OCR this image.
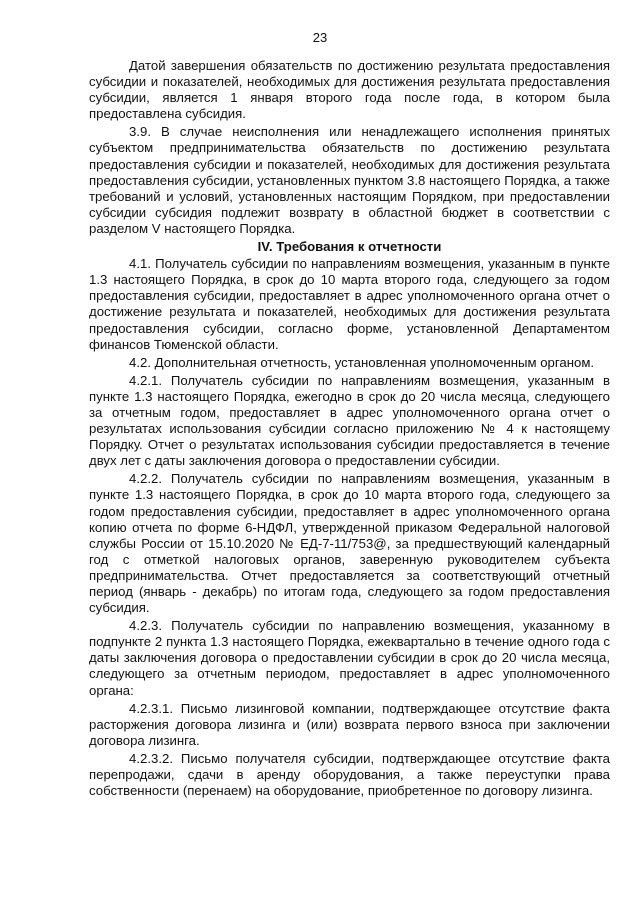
23

Датой завершения обязательств по достижению результата предоставления субсидии и показателей, необходимых для достижения результата предоставления субсидии, является 1 января второго года после года, в котором была предоставлена субсидия.

3.9. В случае неисполнения или ненадлежащего исполнения принятых субъектом предпринимательства обязательств по достижению результата предоставления субсидии и показателей, необходимых для достижения результата предоставления субсидии, установленных пунктом 3.8 настоящего Порядка, а также требований и условий, установленных настоящим Порядком, при предоставлении субсидии субсидия подлежит возврату в областной бюджет в соответствии с разделом V настоящего Порядка.

IV. Требования к отчетности

4.1. Получатель субсидии по направлениям возмещения, указанным в пункте 1.3 настоящего Порядка, в срок до 10 марта второго года, следующего за годом предоставления субсидии, предоставляет в адрес уполномоченного органа отчет о достижение результата и показателей, необходимых для достижения результата предоставления субсидии, согласно форме, установленной Департаментом финансов Тюменской области.

4.2. Дополнительная отчетность, установленная уполномоченным органом.

4.2.1. Получатель субсидии по направлениям возмещения, указанным в пункте 1.3 настоящего Порядка, ежегодно в срок до 20 числа месяца, следующего за отчетным годом, предоставляет в адрес уполномоченного органа отчет о результатах использования субсидии согласно приложению № 4 к настоящему Порядку. Отчет о результатах использования субсидии предоставляется в течение двух лет с даты заключения договора о предоставлении субсидии.

4.2.2. Получатель субсидии по направлениям возмещения, указанным в пункте 1.3 настоящего Порядка, в срок до 10 марта второго года, следующего за годом предоставления субсидии, предоставляет в адрес уполномоченного органа копию отчета по форме 6-НДФЛ, утвержденной приказом Федеральной налоговой службы России от 15.10.2020 № ЕД-7-11/753@, за предшествующий календарный год с отметкой налоговых органов, заверенную руководителем субъекта предпринимательства. Отчет предоставляется за соответствующий отчетный период (январь - декабрь) по итогам года, следующего за годом предоставления субсидия.

4.2.3. Получатель субсидии по направлению возмещения, указанному в подпункте 2 пункта 1.3 настоящего Порядка, ежеквартально в течение одного года с даты заключения договора о предоставлении субсидии в срок до 20 числа месяца, следующего за отчетным периодом, предоставляет в адрес уполномоченного органа:

4.2.3.1. Письмо лизинговой компании, подтверждающее отсутствие факта расторжения договора лизинга и (или) возврата первого взноса при заключении договора лизинга.

4.2.3.2. Письмо получателя субсидии, подтверждающее отсутствие факта перепродажи, сдачи в аренду оборудования, а также переуступки права собственности (перенаем) на оборудование, приобретенное по договору лизинга.
